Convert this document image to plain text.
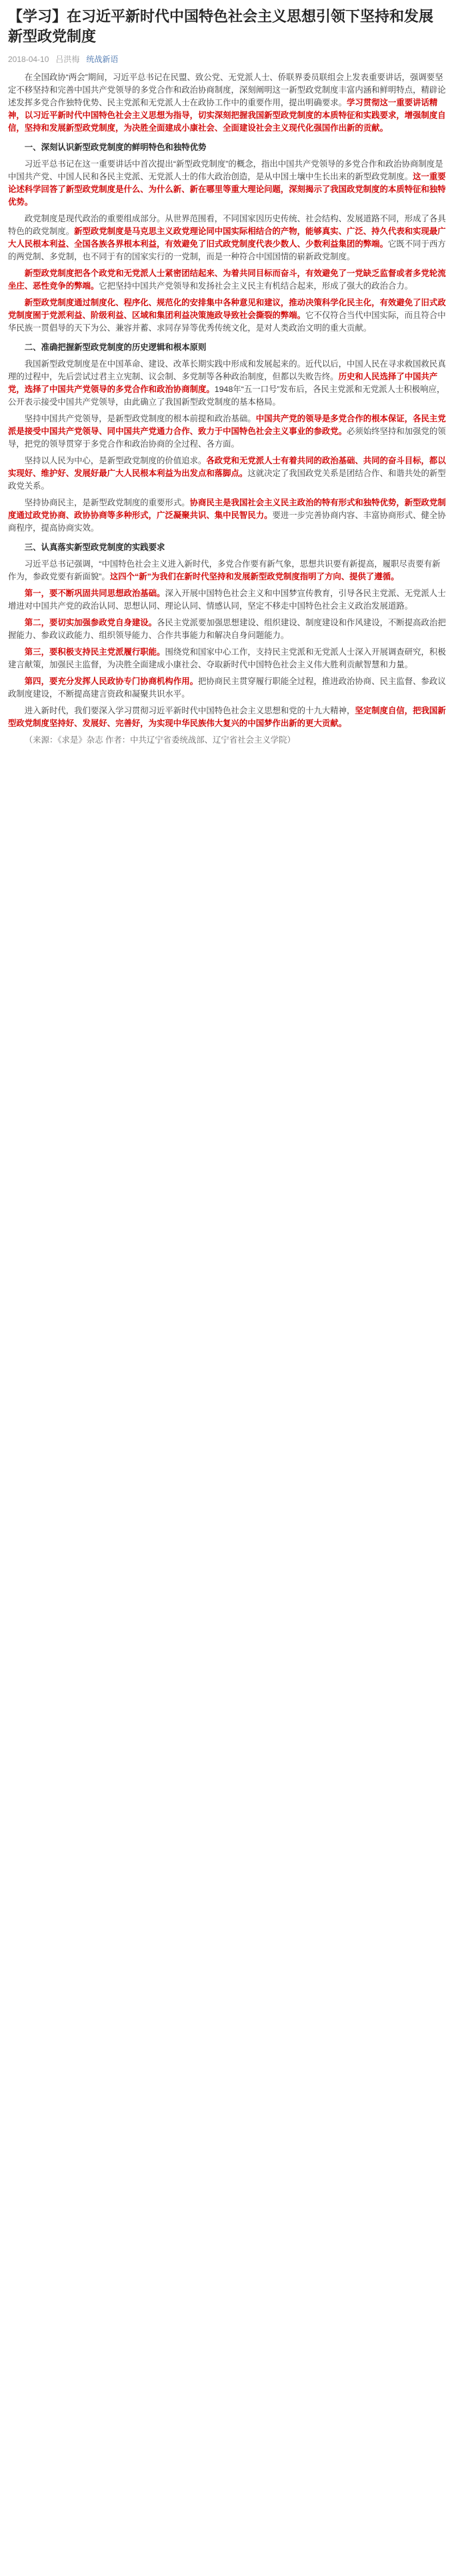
【学习】在习近平新时代中国特色社会主义思想引领下坚持和发展新型政党制度
2018-04-10 吕洪梅 统战新语

在全国政协“两会”期间，习近平总书记在民盟、致公党、无党派人士、侨联界委员联组会上发表重要讲话，强调要坚定不移坚持和完善中国共产党领导的多党合作和政治协商制度，深刻阐明这一新型政党制度丰富内涵和鲜明特点，精辟论述发挥多党合作独特优势、民主党派和无党派人士在政协工作中的重要作用，提出明确要求。学习贯彻这一重要讲话精神，以习近平新时代中国特色社会主义思想为指导，切实深刻把握我国新型政党制度的本质特征和实践要求，增强制度自信，坚持和发展新型政党制度，为决胜全面建成小康社会、全面建设社会主义现代化强国作出新的贡献。

一、深刻认识新型政党制度的鲜明特色和独特优势

习近平总书记在这一重要讲话中首次提出“新型政党制度”的概念，指出中国共产党领导的多党合作和政治协商制度是中国共产党、中国人民和各民主党派、无党派人士的伟大政治创造，是从中国土壤中生长出来的新型政党制度。这一重要论述科学回答了新型政党制度是什么、为什么新、新在哪里等重大理论问题，深刻揭示了我国政党制度的本质特征和独特优势。

政党制度是现代政治的重要组成部分。从世界范围看，不同国家因历史传统、社会结构、发展道路不同，形成了各具特色的政党制度。新型政党制度是马克思主义政党理论同中国实际相结合的产物，能够真实、广泛、持久代表和实现最广大人民根本利益、全国各族各界根本利益，有效避免了旧式政党制度代表少数人、少数利益集团的弊端。它既不同于西方的两党制、多党制，也不同于有的国家实行的一党制，而是一种符合中国国情的崭新政党制度。

新型政党制度把各个政党和无党派人士紧密团结起来、为着共同目标而奋斗，有效避免了一党缺乏监督或者多党轮流坐庄、恶性竞争的弊端。它把坚持中国共产党领导和发扬社会主义民主有机结合起来，形成了强大的政治合力。

新型政党制度通过制度化、程序化、规范化的安排集中各种意见和建议，推动决策科学化民主化，有效避免了旧式政党制度囿于党派利益、阶级利益、区域和集团利益决策施政导致社会撕裂的弊端。它不仅符合当代中国实际，而且符合中华民族一贯倡导的天下为公、兼容并蓄、求同存异等优秀传统文化，是对人类政治文明的重大贡献。

二、准确把握新型政党制度的历史逻辑和根本原则

我国新型政党制度是在中国革命、建设、改革长期实践中形成和发展起来的。近代以后，中国人民在寻求救国救民真理的过程中，先后尝试过君主立宪制、议会制、多党制等各种政治制度，但都以失败告终。历史和人民选择了中国共产党，选择了中国共产党领导的多党合作和政治协商制度。1948年“五一口号”发布后，各民主党派和无党派人士积极响应，公开表示接受中国共产党领导，由此确立了我国新型政党制度的基本格局。

坚持中国共产党领导，是新型政党制度的根本前提和政治基础。中国共产党的领导是多党合作的根本保证，各民主党派是接受中国共产党领导、同中国共产党通力合作、致力于中国特色社会主义事业的参政党。必须始终坚持和加强党的领导，把党的领导贯穿于多党合作和政治协商的全过程、各方面。

坚持以人民为中心，是新型政党制度的价值追求。各政党和无党派人士有着共同的政治基础、共同的奋斗目标，都以实现好、维护好、发展好最广大人民根本利益为出发点和落脚点。这就决定了我国政党关系是团结合作、和谐共处的新型政党关系。

坚持协商民主，是新型政党制度的重要形式。协商民主是我国社会主义民主政治的特有形式和独特优势，新型政党制度通过政党协商、政协协商等多种形式，广泛凝聚共识、集中民智民力。要进一步完善协商内容、丰富协商形式、健全协商程序，提高协商实效。

三、认真落实新型政党制度的实践要求

习近平总书记强调，“中国特色社会主义进入新时代，多党合作要有新气象，思想共识要有新提高，履职尽责要有新作为，参政党要有新面貌”。这四个“新”为我们在新时代坚持和发展新型政党制度指明了方向、提供了遵循。

第一，要不断巩固共同思想政治基础。深入开展中国特色社会主义和中国梦宣传教育，引导各民主党派、无党派人士增进对中国共产党的政治认同、思想认同、理论认同、情感认同，坚定不移走中国特色社会主义政治发展道路。

第二，要切实加强参政党自身建设。各民主党派要加强思想建设、组织建设、制度建设和作风建设，不断提高政治把握能力、参政议政能力、组织领导能力、合作共事能力和解决自身问题能力。

第三，要积极支持民主党派履行职能。围绕党和国家中心工作，支持民主党派和无党派人士深入开展调查研究，积极建言献策，加强民主监督，为决胜全面建成小康社会、夺取新时代中国特色社会主义伟大胜利贡献智慧和力量。

第四，要充分发挥人民政协专门协商机构作用。把协商民主贯穿履行职能全过程，推进政治协商、民主监督、参政议政制度建设，不断提高建言资政和凝聚共识水平。

进入新时代，我们要深入学习贯彻习近平新时代中国特色社会主义思想和党的十九大精神，坚定制度自信，把我国新型政党制度坚持好、发展好、完善好，为实现中华民族伟大复兴的中国梦作出新的更大贡献。

（来源：《求是》杂志 作者：中共辽宁省委统战部、辽宁省社会主义学院）
